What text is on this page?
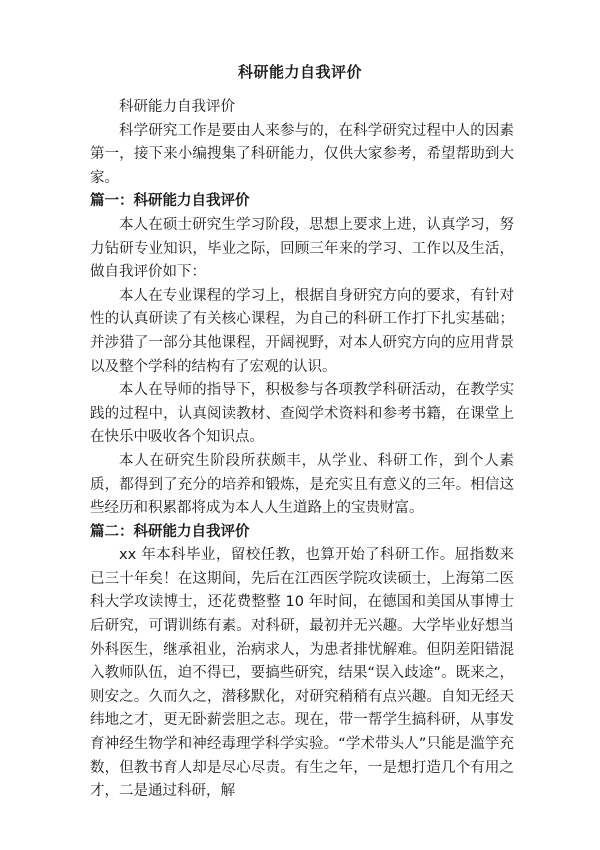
科研能力自我评价

科研能力自我评价

科学研究工作是要由人来参与的，在科学研究过程中人的因素第一，接下来小编搜集了科研能力，仅供大家参考，希望帮助到大家。

篇一：科研能力自我评价

本人在硕士研究生学习阶段，思想上要求上进，认真学习，努力钻研专业知识，毕业之际，回顾三年来的学习、工作以及生活，做自我评价如下：

本人在专业课程的学习上，根据自身研究方向的要求，有针对性的认真研读了有关核心课程，为自己的科研工作打下扎实基础；并涉猎了一部分其他课程，开阔视野，对本人研究方向的应用背景以及整个学科的结构有了宏观的认识。

本人在导师的指导下，积极参与各项教学科研活动，在教学实践的过程中，认真阅读教材、查阅学术资料和参考书籍，在课堂上在快乐中吸收各个知识点。

本人在研究生阶段所获颇丰，从学业、科研工作，到个人素质，都得到了充分的培养和锻炼，是充实且有意义的三年。相信这些经历和积累都将成为本人人生道路上的宝贵财富。

篇二：科研能力自我评价

xx 年本科毕业，留校任教，也算开始了科研工作。屈指数来已三十年矣！在这期间，先后在江西医学院攻读硕士，上海第二医科大学攻读博士，还花费整整 10 年时间，在德国和美国从事博士后研究，可谓训练有素。对科研，最初并无兴趣。大学毕业好想当外科医生，继承祖业，治病求人，为患者排忧解难。但阴差阳错混入教师队伍，迫不得已，要搞些研究，结果“误入歧途”。既来之，则安之。久而久之，潜移默化，对研究稍稍有点兴趣。自知无经天纬地之才，更无卧薪尝胆之志。现在，带一帮学生搞科研，从事发育神经生物学和神经毒理学科学实验。“学术带头人”只能是滥竽充数，但教书育人却是尽心尽责。有生之年，一是想打造几个有用之才，二是通过科研，解
